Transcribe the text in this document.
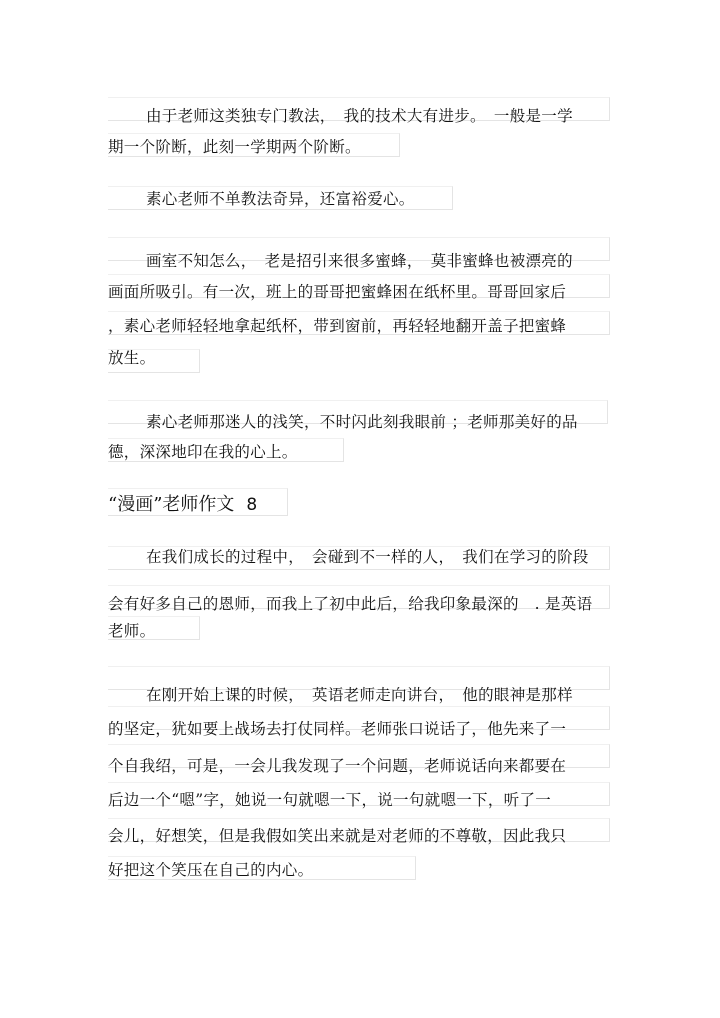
由于老师这类独专门教法，　我的技术大有进步。　一般是一学
期一个阶断，此刻一学期两个阶断。
素心老师不单教法奇异，还富裕爱心。
画室不知怎么，　老是招引来很多蜜蜂，　莫非蜜蜂也被漂亮的
画面所吸引。有一次，班上的哥哥把蜜蜂困在纸杯里。哥哥回家后
，素心老师轻轻地拿起纸杯，带到窗前，再轻轻地翻开盖子把蜜蜂
放生。
素心老师那迷人的浅笑，不时闪此刻我眼前 ；老师那美好的品
德，深深地印在我的心上。
“漫画”老师作文 8
在我们成长的过程中，　会碰到不一样的人，　我们在学习的阶段
会有好多自己的恩师，而我上了初中此后，给我印象最深的　. 是英语
老师。
在刚开始上课的时候，　英语老师走向讲台，　他的眼神是那样
的坚定，犹如要上战场去打仗同样。老师张口说话了，他先来了一
个自我绍，可是，一会儿我发现了一个问题，老师说话向来都要在
后边一个“嗯”字，她说一句就嗯一下，说一句就嗯一下，听了一
会儿，好想笑，但是我假如笑出来就是对老师的不尊敬，因此我只
好把这个笑压在自己的内心。
